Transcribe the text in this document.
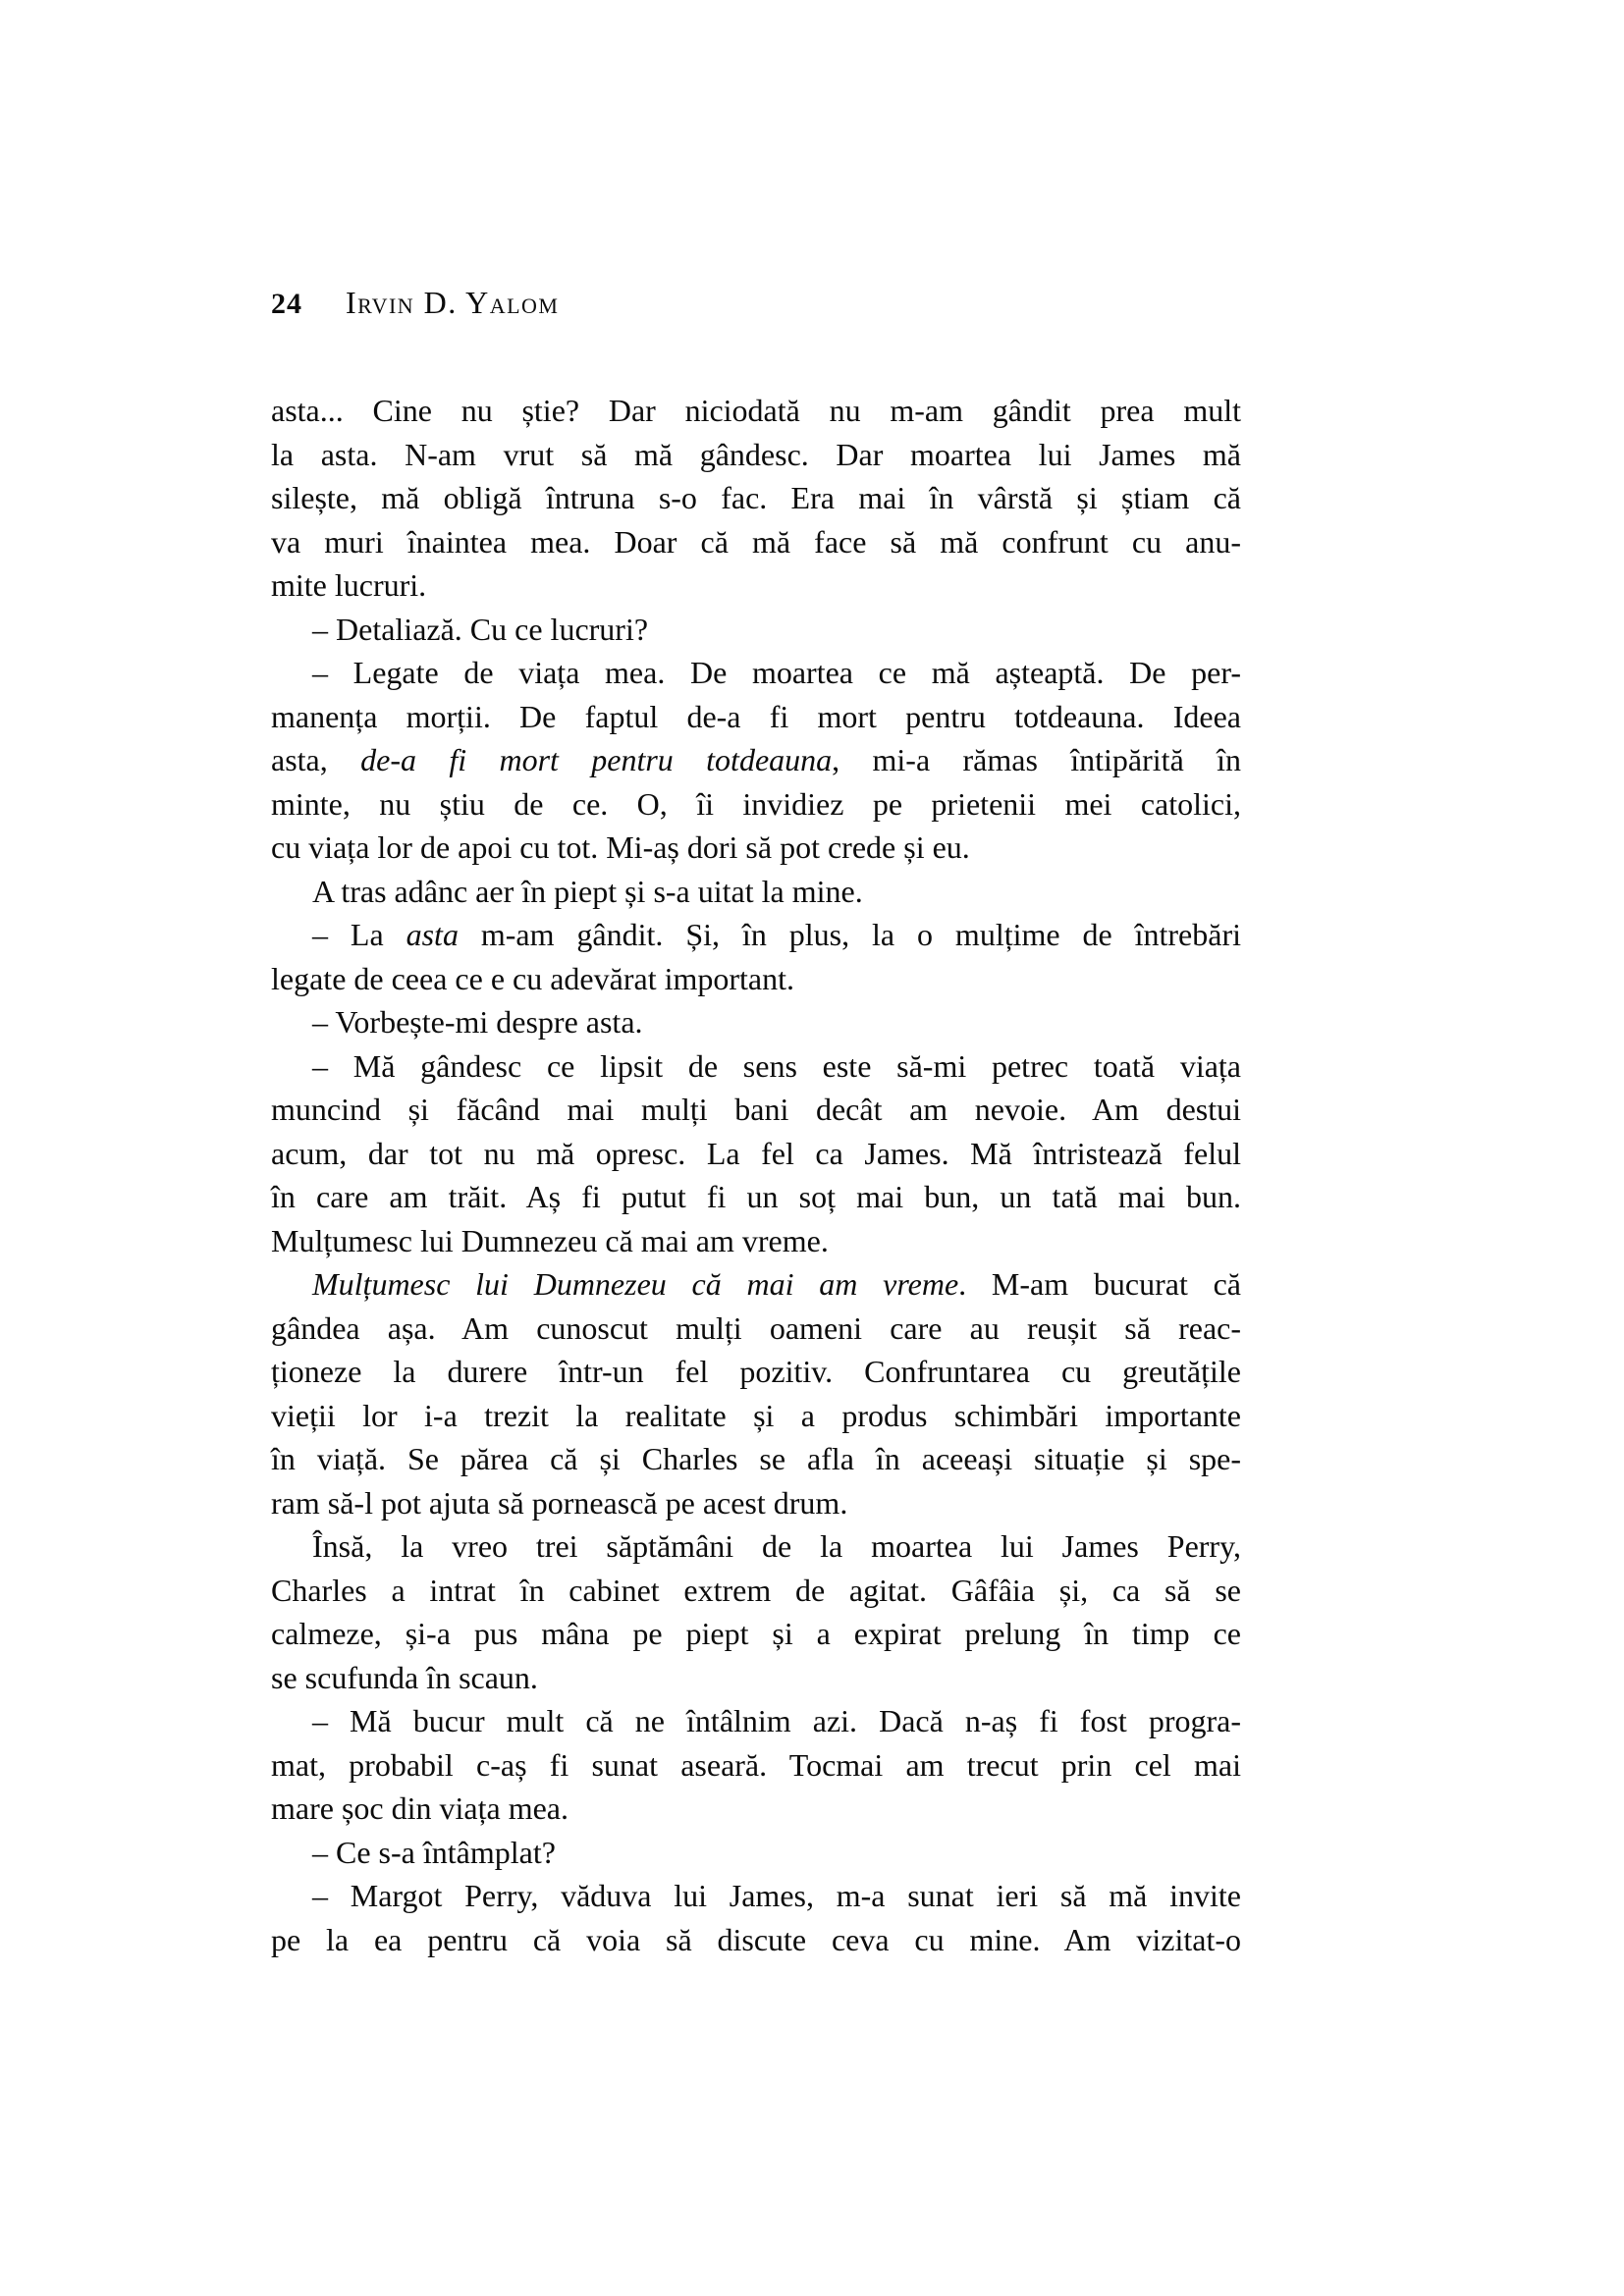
24 Irvin D. Yalom
asta... Cine nu știe? Dar niciodată nu m-am gândit prea mult
la asta. N-am vrut să mă gândesc. Dar moartea lui James mă
silește, mă obligă întruna s-o fac. Era mai în vârstă și știam că
va muri înaintea mea. Doar că mă face să mă confrunt cu anu-
mite lucruri.
– Detaliază. Cu ce lucruri?
– Legate de viața mea. De moartea ce mă așteaptă. De per-
manența morții. De faptul de-a fi mort pentru totdeauna. Ideea
asta, de-a fi mort pentru totdeauna, mi-a rămas întipărită în
minte, nu știu de ce. O, îi invidiez pe prietenii mei catolici,
cu viața lor de apoi cu tot. Mi-aș dori să pot crede și eu.
A tras adânc aer în piept și s-a uitat la mine.
– La asta m-am gândit. Și, în plus, la o mulțime de întrebări
legate de ceea ce e cu adevărat important.
– Vorbește-mi despre asta.
– Mă gândesc ce lipsit de sens este să-mi petrec toată viața
muncind și făcând mai mulți bani decât am nevoie. Am destui
acum, dar tot nu mă opresc. La fel ca James. Mă întristează felul
în care am trăit. Aș fi putut fi un soț mai bun, un tată mai bun.
Mulțumesc lui Dumnezeu că mai am vreme.
Mulțumesc lui Dumnezeu că mai am vreme. M-am bucurat că
gândea așa. Am cunoscut mulți oameni care au reușit să reac-
ționeze la durere într-un fel pozitiv. Confruntarea cu greutățile
vieții lor i-a trezit la realitate și a produs schimbări importante
în viață. Se părea că și Charles se afla în aceeași situație și spe-
ram să-l pot ajuta să pornească pe acest drum.
Însă, la vreo trei săptămâni de la moartea lui James Perry,
Charles a intrat în cabinet extrem de agitat. Gâfâia și, ca să se
calmeze, și-a pus mâna pe piept și a expirat prelung în timp ce
se scufunda în scaun.
– Mă bucur mult că ne întâlnim azi. Dacă n-aș fi fost progra-
mat, probabil c-aș fi sunat aseară. Tocmai am trecut prin cel mai
mare șoc din viața mea.
– Ce s-a întâmplat?
– Margot Perry, văduva lui James, m-a sunat ieri să mă invite
pe la ea pentru că voia să discute ceva cu mine. Am vizitat-o
